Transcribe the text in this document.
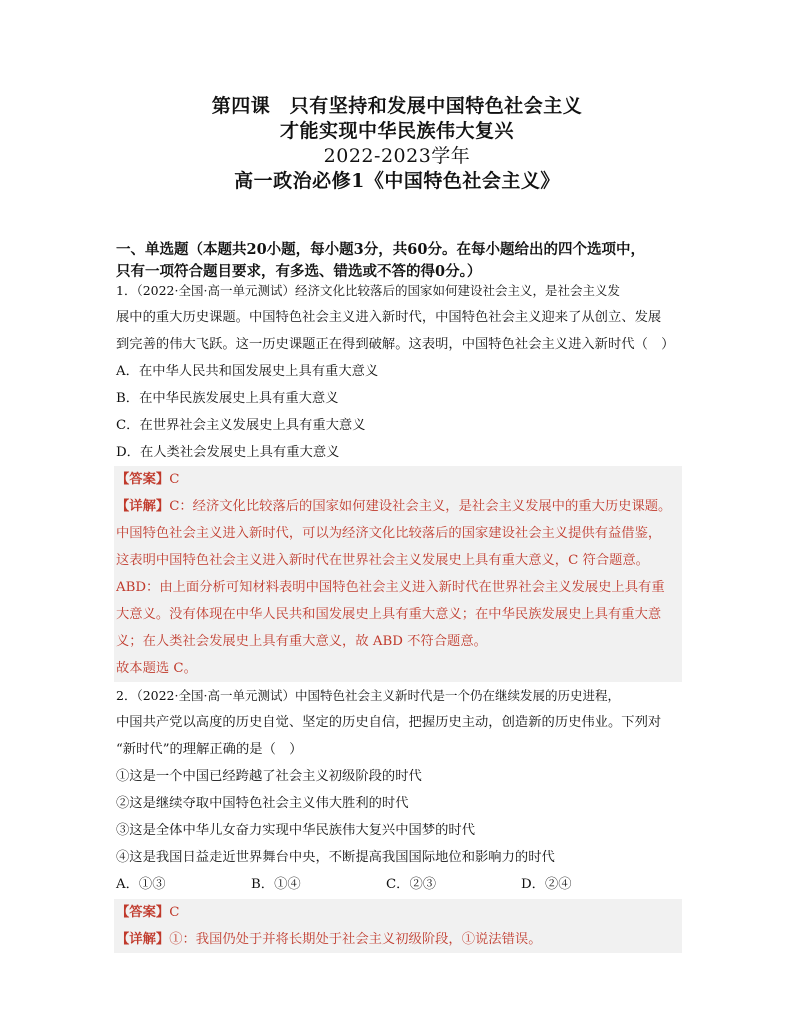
第四课　只有坚持和发展中国特色社会主义
才能实现中华民族伟大复兴
2022-2023学年
高一政治必修1《中国特色社会主义》
一、单选题（本题共20小题，每小题3分，共60分。在每小题给出的四个选项中，
只有一项符合题目要求，有多选、错选或不答的得0分。）
1．（2022·全国·高一单元测试）经济文化比较落后的国家如何建设社会主义，是社会主义发
展中的重大历史课题。中国特色社会主义进入新时代，中国特色社会主义迎来了从创立、发展
到完善的伟大飞跃。这一历史课题正在得到破解。这表明，中国特色社会主义进入新时代（　）
A．在中华人民共和国发展史上具有重大意义
B．在中华民族发展史上具有重大意义
C．在世界社会主义发展史上具有重大意义
D．在人类社会发展史上具有重大意义
【答案】C
【详解】C：经济文化比较落后的国家如何建设社会主义，是社会主义发展中的重大历史课题。
中国特色社会主义进入新时代，可以为经济文化比较落后的国家建设社会主义提供有益借鉴，
这表明中国特色社会主义进入新时代在世界社会主义发展史上具有重大意义，C 符合题意。
ABD：由上面分析可知材料表明中国特色社会主义进入新时代在世界社会主义发展史上具有重
大意义。没有体现在中华人民共和国发展史上具有重大意义；在中华民族发展史上具有重大意
义；在人类社会发展史上具有重大意义，故 ABD 不符合题意。
故本题选 C。
2．（2022·全国·高一单元测试）中国特色社会主义新时代是一个仍在继续发展的历史进程，
中国共产党以高度的历史自觉、坚定的历史自信，把握历史主动，创造新的历史伟业。下列对
“新时代”的理解正确的是（　）
①这是一个中国已经跨越了社会主义初级阶段的时代
②这是继续夺取中国特色社会主义伟大胜利的时代
③这是全体中华儿女奋力实现中华民族伟大复兴中国梦的时代
④这是我国日益走近世界舞台中央，不断提高我国国际地位和影响力的时代
A．①③	B．①④	C．②③	D．②④
【答案】C
【详解】①：我国仍处于并将长期处于社会主义初级阶段，①说法错误。
